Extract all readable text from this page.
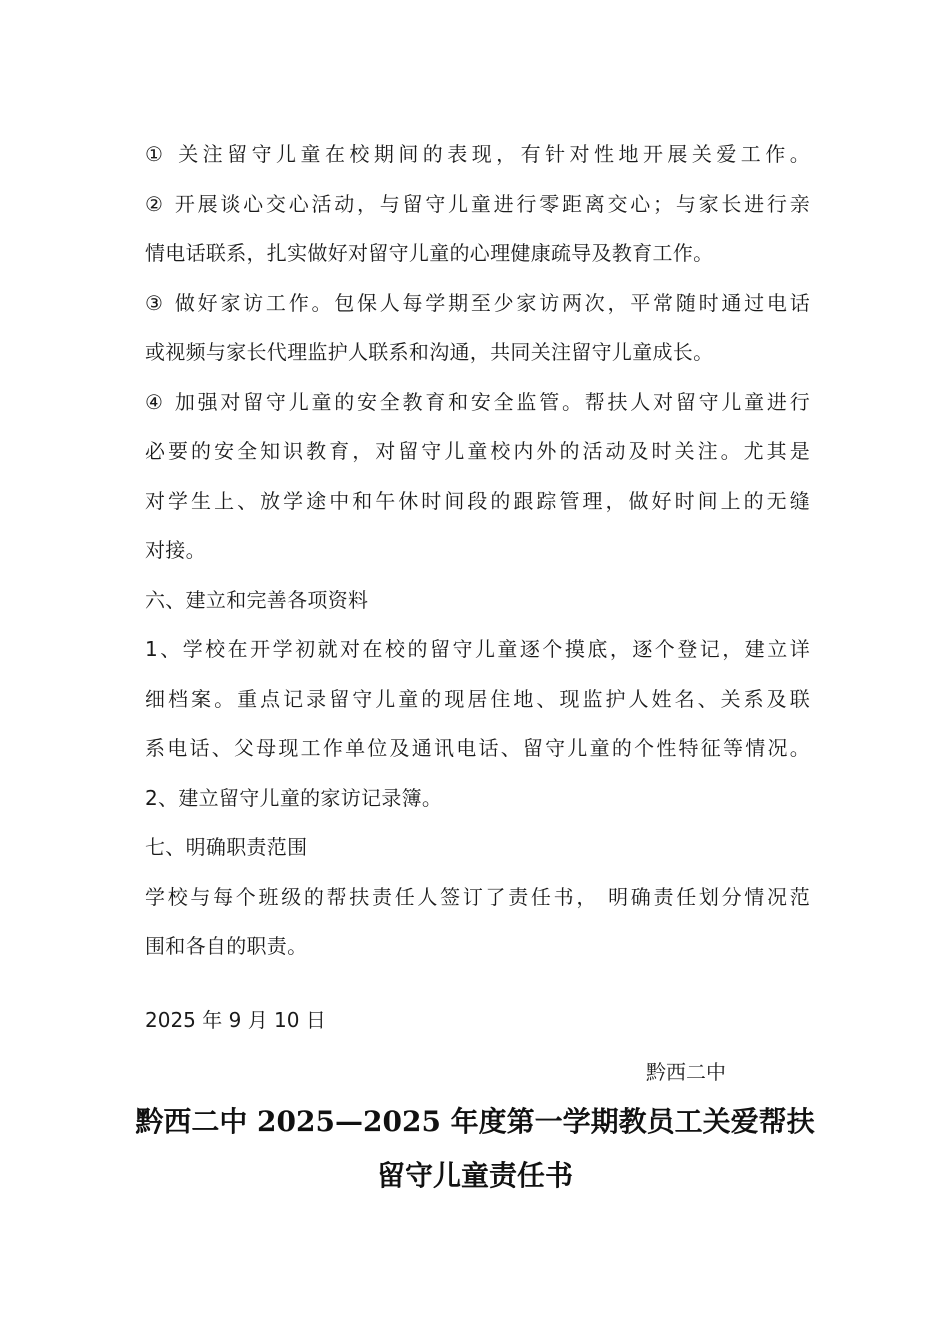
① 关注留守儿童在校期间的表现，有针对性地开展关爱工作。
② 开展谈心交心活动，与留守儿童进行零距离交心；与家长进行亲
情电话联系，扎实做好对留守儿童的心理健康疏导及教育工作。
③ 做好家访工作。包保人每学期至少家访两次，平常随时通过电话
或视频与家长代理监护人联系和沟通，共同关注留守儿童成长。
④ 加强对留守儿童的安全教育和安全监管。帮扶人对留守儿童进行
必要的安全知识教育，对留守儿童校内外的活动及时关注。尤其是
对学生上、放学途中和午休时间段的跟踪管理，做好时间上的无缝
对接。
六、建立和完善各项资料
1、学校在开学初就对在校的留守儿童逐个摸底，逐个登记，建立详
细档案。重点记录留守儿童的现居住地、现监护人姓名、关系及联
系电话、父母现工作单位及通讯电话、留守儿童的个性特征等情况。
2、建立留守儿童的家访记录簿。
七、明确职责范围
学校与每个班级的帮扶责任人签订了责任书， 明确责任划分情况范
围和各自的职责。
2025 年 9 月 10 日
黔西二中
黔西二中 2025—2025 年度第一学期教员工关爱帮扶
留守儿童责任书
